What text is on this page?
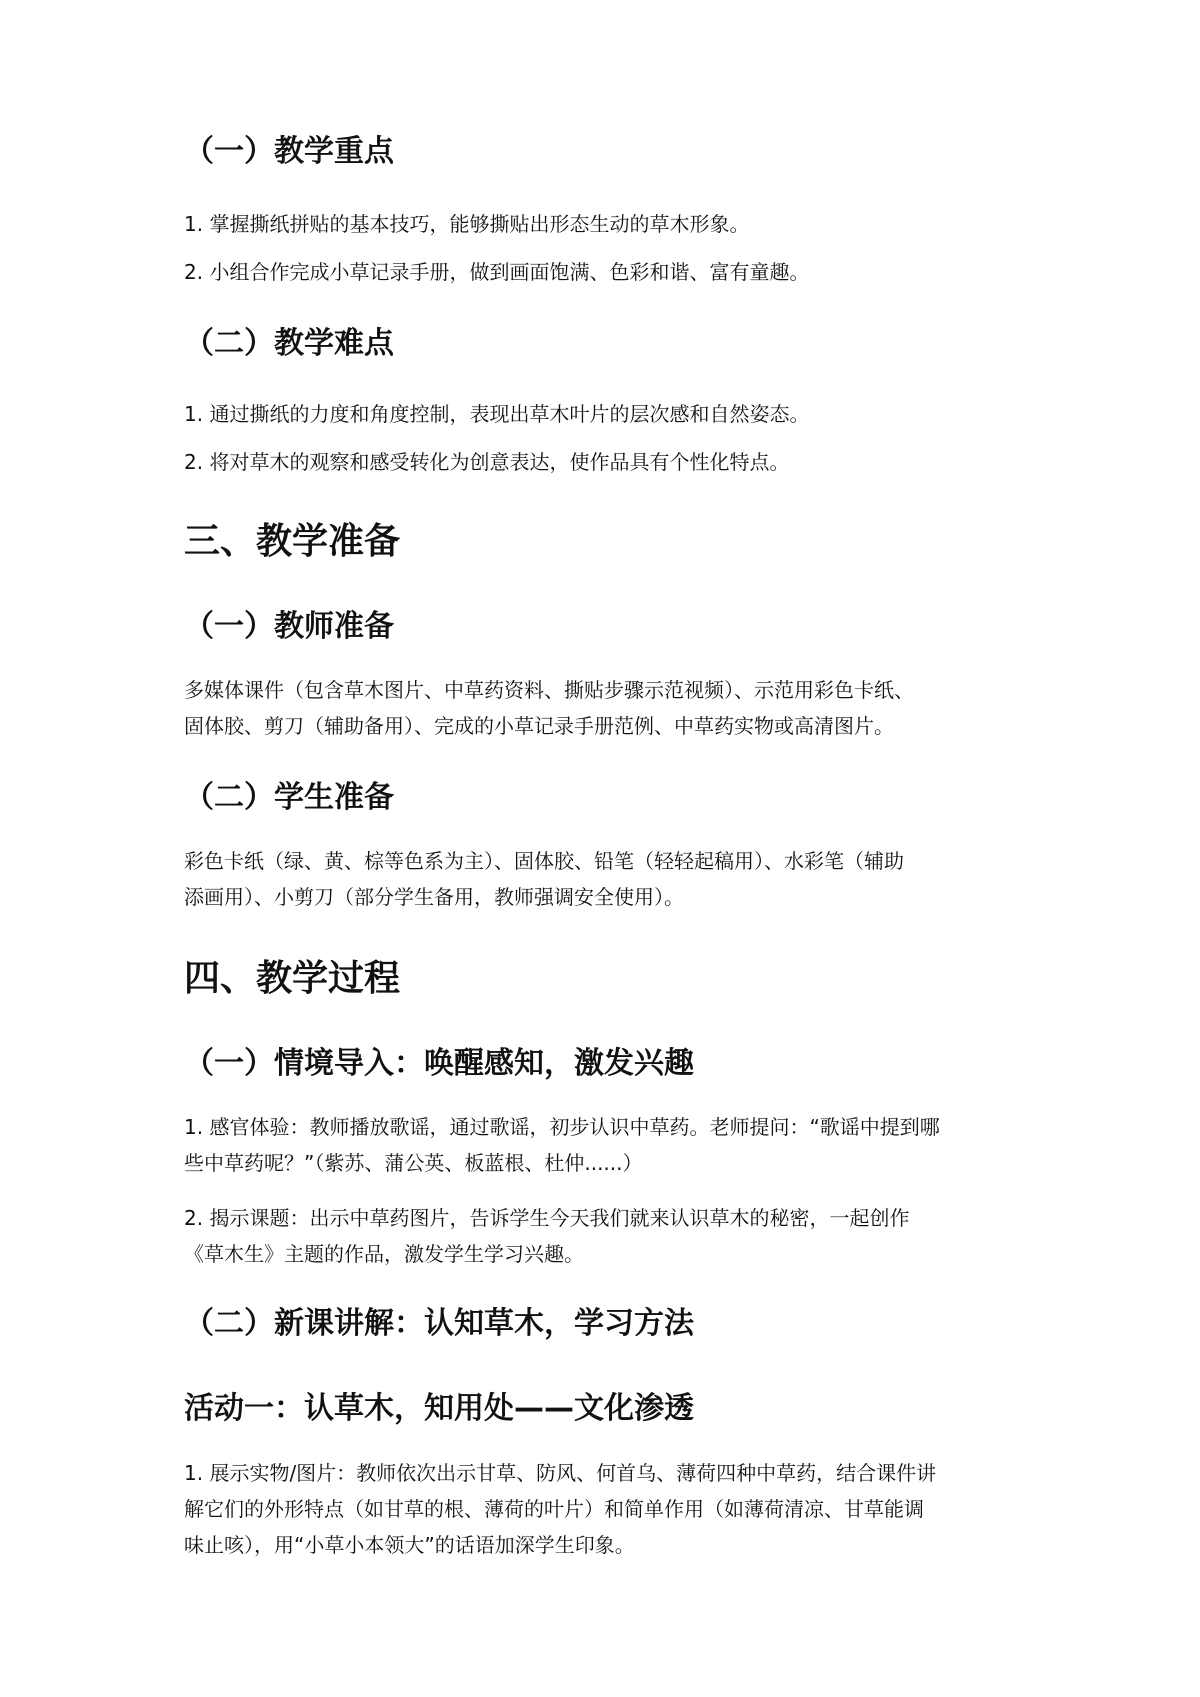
（一）教学重点

1. 掌握撕纸拼贴的基本技巧，能够撕贴出形态生动的草木形象。

2. 小组合作完成小草记录手册，做到画面饱满、色彩和谐、富有童趣。

（二）教学难点

1. 通过撕纸的力度和角度控制，表现出草木叶片的层次感和自然姿态。

2. 将对草木的观察和感受转化为创意表达，使作品具有个性化特点。

三、教学准备
（一）教师准备

多媒体课件（包含草木图片、中草药资料、撕贴步骤示范视频）、示范用彩色卡纸、

固体胶、剪刀（辅助备用）、完成的小草记录手册范例、中草药实物或高清图片。

（二）学生准备

彩色卡纸（绿、黄、棕等色系为主）、固体胶、铅笔（轻轻起稿用）、水彩笔（辅助

添画用）、小剪刀（部分学生备用，教师强调安全使用）。

四、教学过程
（一）情境导入：唤醒感知，激发兴趣

1. 感官体验：教师播放歌谣，通过歌谣，初步认识中草药。老师提问：“歌谣中提到哪

些中草药呢？”（紫苏、蒲公英、板蓝根、杜仲......）

2. 揭示课题：出示中草药图片，告诉学生今天我们就来认识草木的秘密，一起创作

《草木生》主题的作品，激发学生学习兴趣。

（二）新课讲解：认知草木，学习方法
活动一：认草木，知用处——文化渗透

1. 展示实物/图片：教师依次出示甘草、防风、何首乌、薄荷四种中草药，结合课件讲

解它们的外形特点（如甘草的根、薄荷的叶片）和简单作用（如薄荷清凉、甘草能调

味止咳），用“小草小本领大”的话语加深学生印象。
